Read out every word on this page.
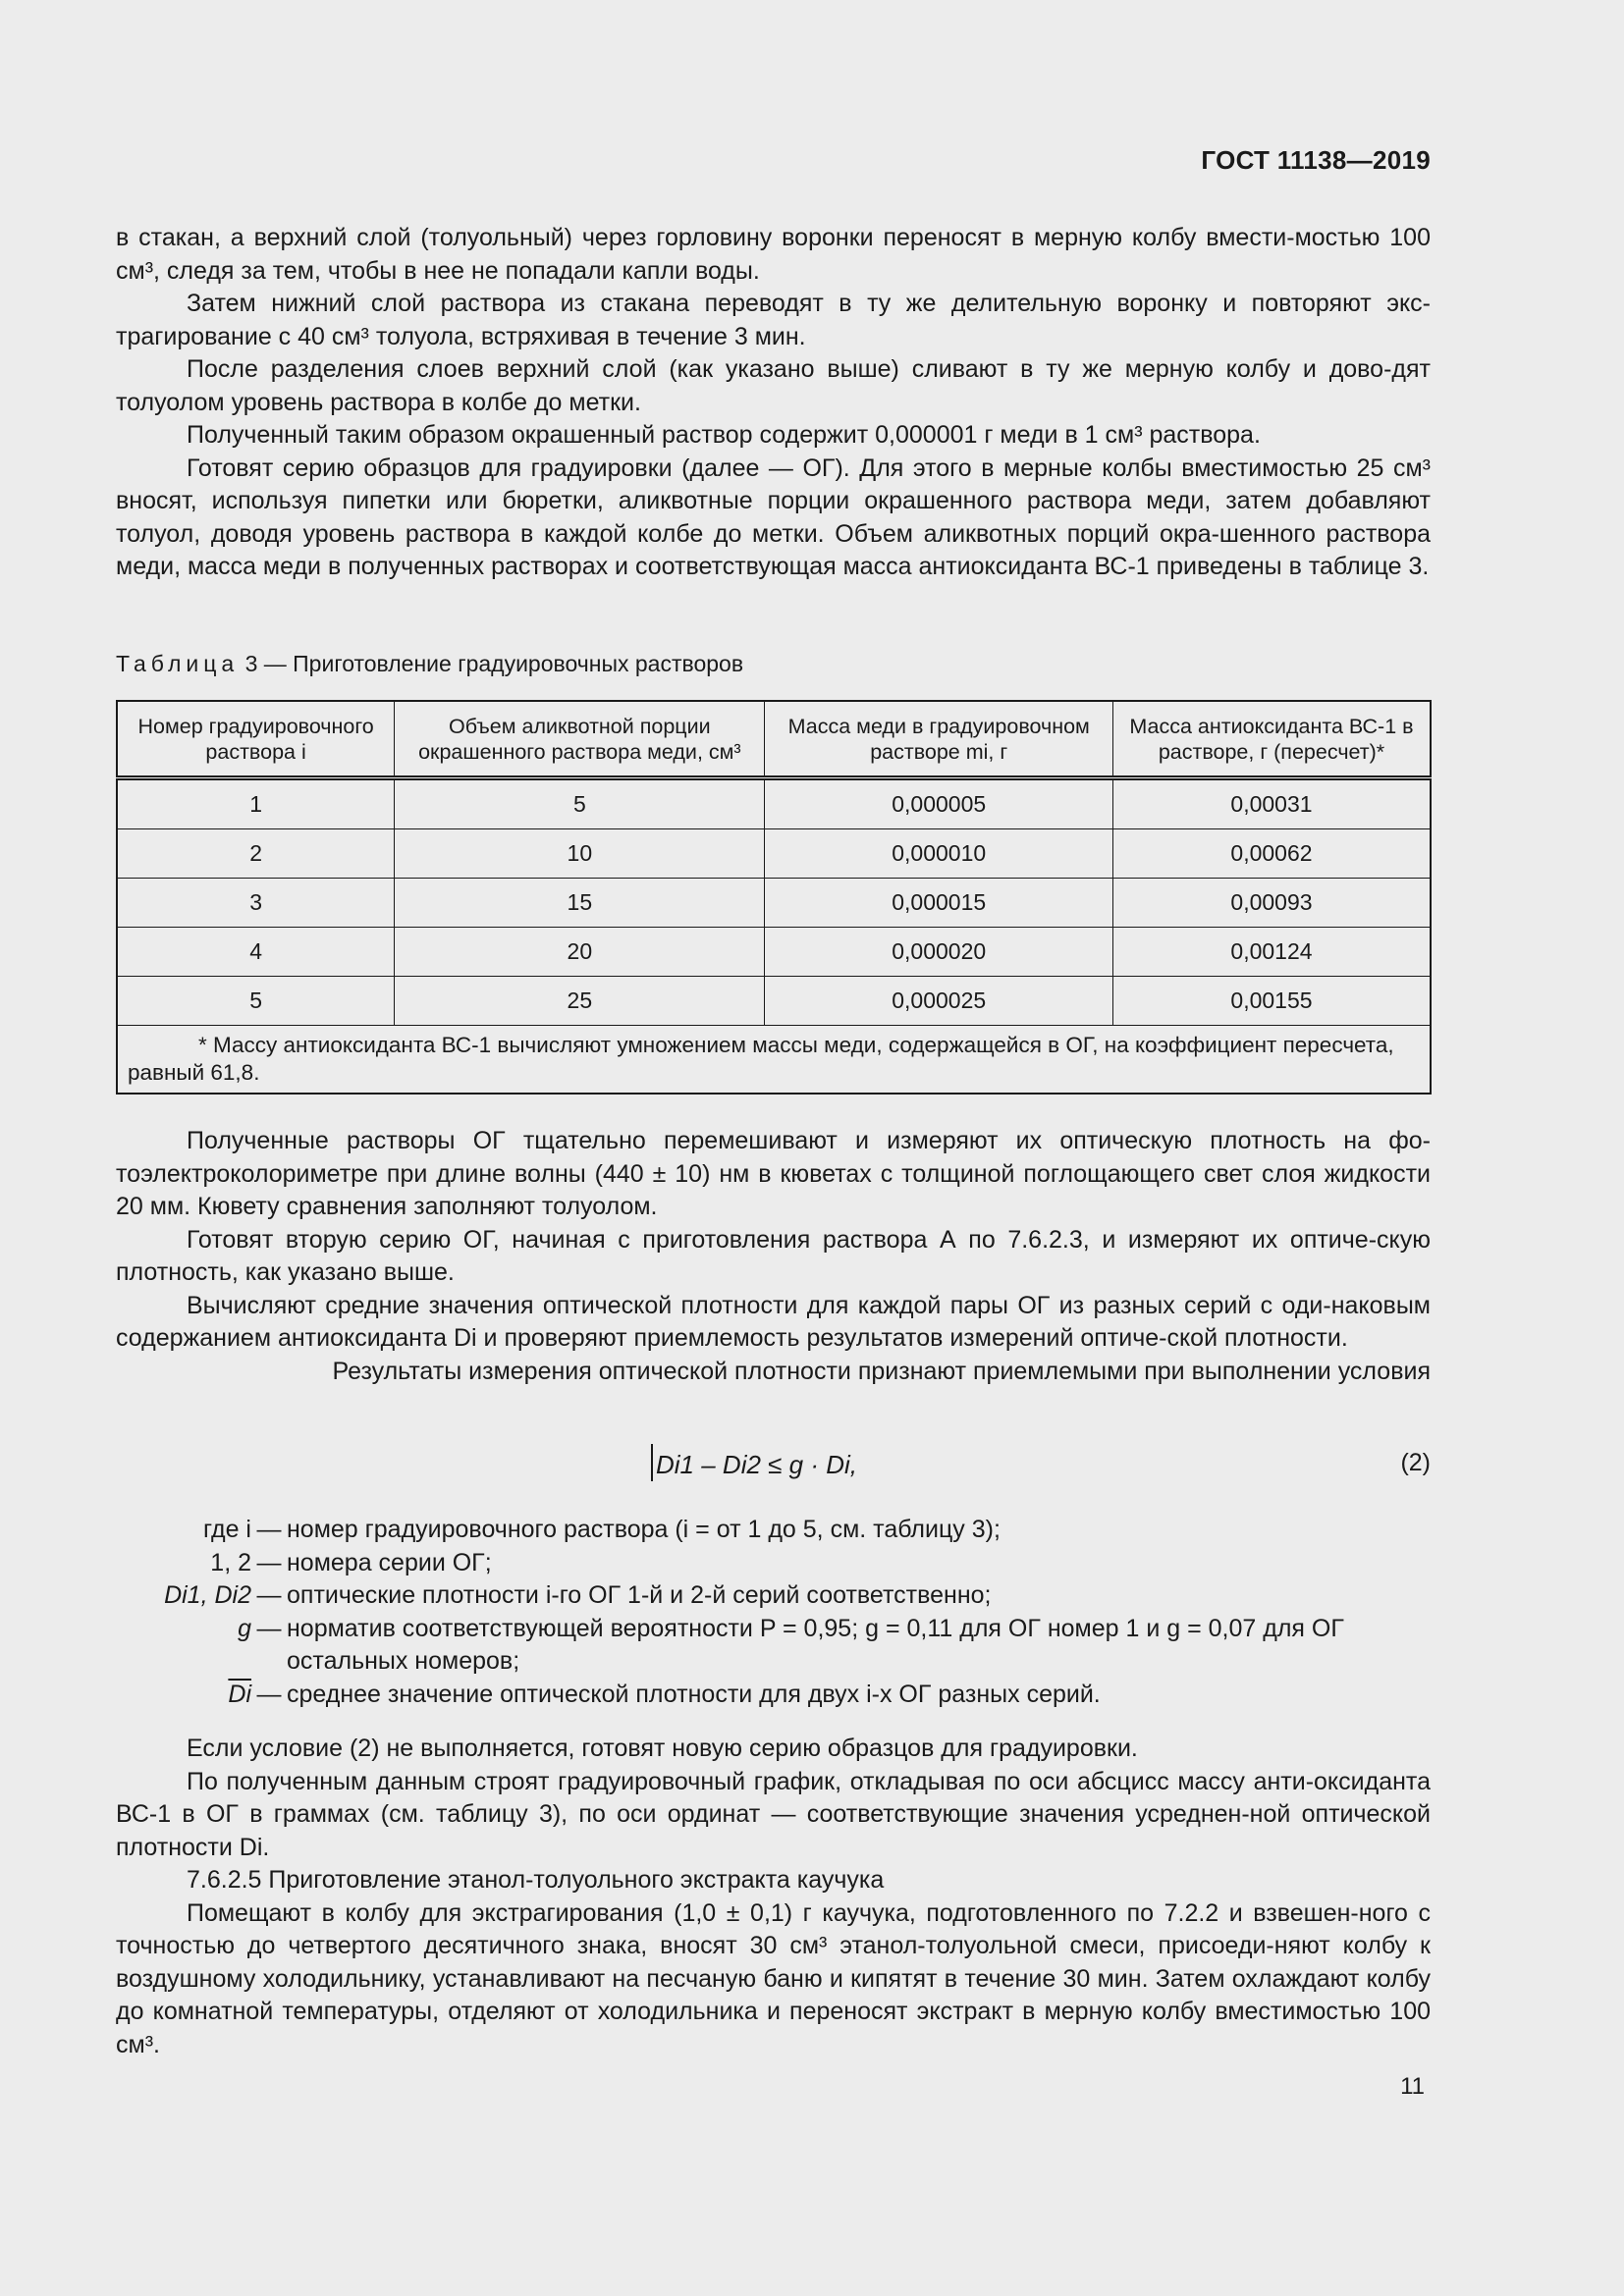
ГОСТ 11138—2019

в стакан, а верхний слой (толуольный) через горловину воронки переносят в мерную колбу вмести-мостью 100 см³, следя за тем, чтобы в нее не попадали капли воды.

Затем нижний слой раствора из стакана переводят в ту же делительную воронку и повторяют экс-трагирование с 40 см³ толуола, встряхивая в течение 3 мин.

После разделения слоев верхний слой (как указано выше) сливают в ту же мерную колбу и дово-дят толуолом уровень раствора в колбе до метки.

Полученный таким образом окрашенный раствор содержит 0,000001 г меди в 1 см³ раствора.

Готовят серию образцов для градуировки (далее — ОГ). Для этого в мерные колбы вместимостью 25 см³ вносят, используя пипетки или бюретки, аликвотные порции окрашенного раствора меди, затем добавляют толуол, доводя уровень раствора в каждой колбе до метки. Объем аликвотных порций окра-шенного раствора меди, масса меди в полученных растворах и соответствующая масса антиоксиданта ВС-1 приведены в таблице 3.

Таблица 3 — Приготовление градуировочных растворов
Номер градуировочного раствора i	Объем аликвотной порции окрашенного раствора меди, см³	Масса меди в градуировочном растворе mi, г	Масса антиоксиданта ВС-1 в растворе, г (пересчет)*
1	5	0,000005	0,00031
2	10	0,000010	0,00062
3	15	0,000015	0,00093
4	20	0,000020	0,00124
5	25	0,000025	0,00155
* Массу антиоксиданта ВС-1 вычисляют умножением массы меди, содержащейся в ОГ, на коэффициент пересчета, равный 61,8.			

Полученные растворы ОГ тщательно перемешивают и измеряют их оптическую плотность на фо-тоэлектроколориметре при длине волны (440 ± 10) нм в кюветах с толщиной поглощающего свет слоя жидкости 20 мм. Кювету сравнения заполняют толуолом.

Готовят вторую серию ОГ, начиная с приготовления раствора А по 7.6.2.3, и измеряют их оптиче-скую плотность, как указано выше.

Вычисляют средние значения оптической плотности для каждой пары ОГ из разных серий с оди-наковым содержанием антиоксиданта Di и проверяют приемлемость результатов измерений оптиче-ской плотности.

Результаты измерения оптической плотности признают приемлемыми при выполнении условия

Di1 – Di2 ≤ g · Di,	(2)
где i — номер градуировочного раствора (i = от 1 до 5, см. таблицу 3);
1, 2 — номера серии ОГ;
Di1, Di2 — оптические плотности i-го ОГ 1-й и 2-й серий соответственно;
g — норматив соответствующей вероятности P = 0,95; g = 0,11 для ОГ номер 1 и g = 0,07 для ОГ остальных номеров;
$\overline{Di}$ — среднее значение оптической плотности для двух i-х ОГ разных серий.

Если условие (2) не выполняется, готовят новую серию образцов для градуировки.

По полученным данным строят градуировочный график, откладывая по оси абсцисс массу анти-оксиданта ВС-1 в ОГ в граммах (см. таблицу 3), по оси ординат — соответствующие значения усреднен-ной оптической плотности Di.

7.6.2.5 Приготовление этанол-толуольного экстракта каучука

Помещают в колбу для экстрагирования (1,0 ± 0,1) г каучука, подготовленного по 7.2.2 и взвешен-ного с точностью до четвертого десятичного знака, вносят 30 см³ этанол-толуольной смеси, присоеди-няют колбу к воздушному холодильнику, устанавливают на песчаную баню и кипятят в течение 30 мин. Затем охлаждают колбу до комнатной температуры, отделяют от холодильника и переносят экстракт в мерную колбу вместимостью 100 см³.

11
